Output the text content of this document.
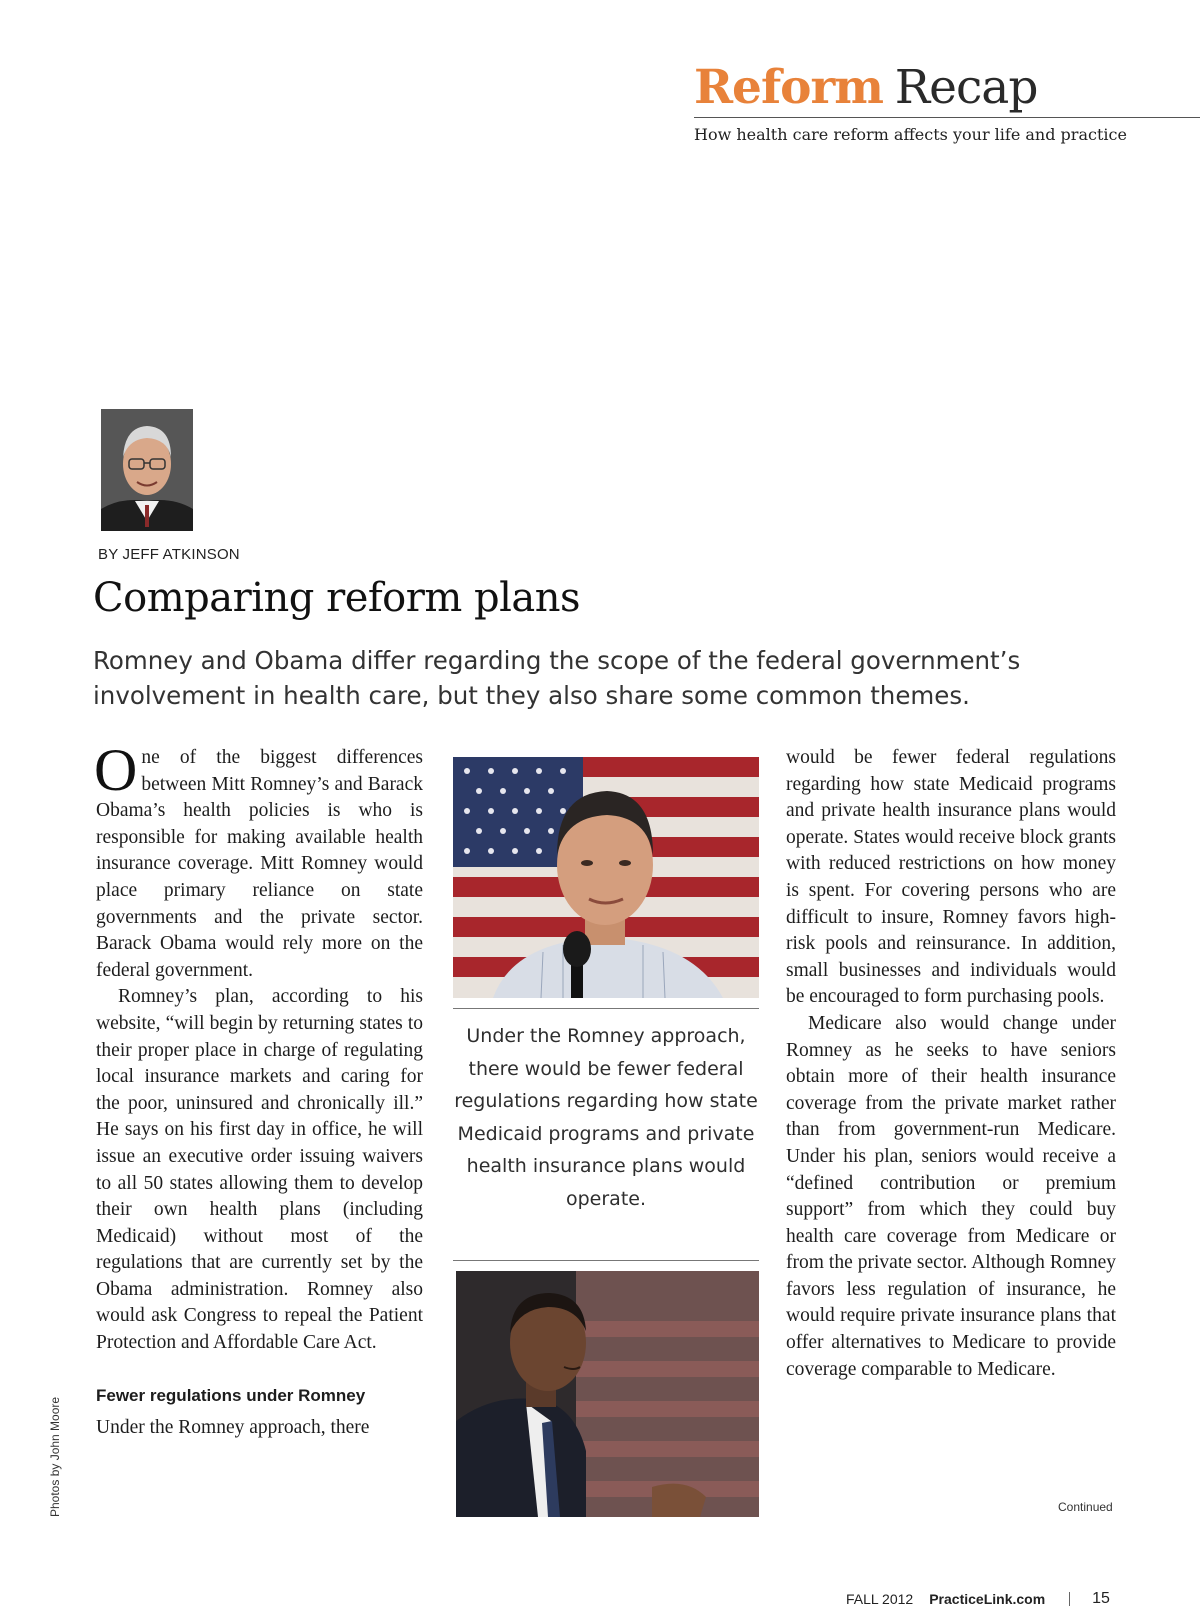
Reform Recap
How health care reform affects your life and practice
BY JEFF ATKINSON
Comparing reform plans
Romney and Obama differ regarding the scope of the federal government’s involvement in health care, but they also share some common themes.

One of the biggest differences between Mitt Romney’s and Barack Obama’s health policies is who is responsible for making available health insurance coverage. Mitt Romney would place primary reliance on state governments and the private sector. Barack Obama would rely more on the federal government.

Romney’s plan, according to his website, “will begin by returning states to their proper place in charge of regulating local insurance markets and caring for the poor, uninsured and chronically ill.” He says on his first day in office, he will issue an executive order issuing waivers to all 50 states allowing them to develop their own health plans (including Medicaid) without most of the regulations that are currently set by the Obama administration. Romney also would ask Congress to repeal the Patient Protection and Affordable Care Act.

Fewer regulations under Romney

Under the Romney approach, there

Under the Romney approach, there would be fewer federal regulations regarding how state Medicaid programs and private health insurance plans would operate.

would be fewer federal regulations regarding how state Medicaid programs and private health insurance plans would operate. States would receive block grants with reduced restrictions on how money is spent. For covering persons who are difficult to insure, Romney favors high-risk pools and reinsurance. In addition, small businesses and individuals would be encouraged to form purchasing pools.

Medicare also would change under Romney as he seeks to have seniors obtain more of their health insurance coverage from the private market rather than from government-run Medicare. Under his plan, seniors would receive a “defined contribution or premium support” from which they could buy health care coverage from Medicare or from the private sector. Although Romney favors less regulation of insurance, he would require private insurance plans that offer alternatives to Medicare to provide coverage comparable to Medicare.

Continued
Photos by John Moore
FALL 2012 PracticeLink.com	15
